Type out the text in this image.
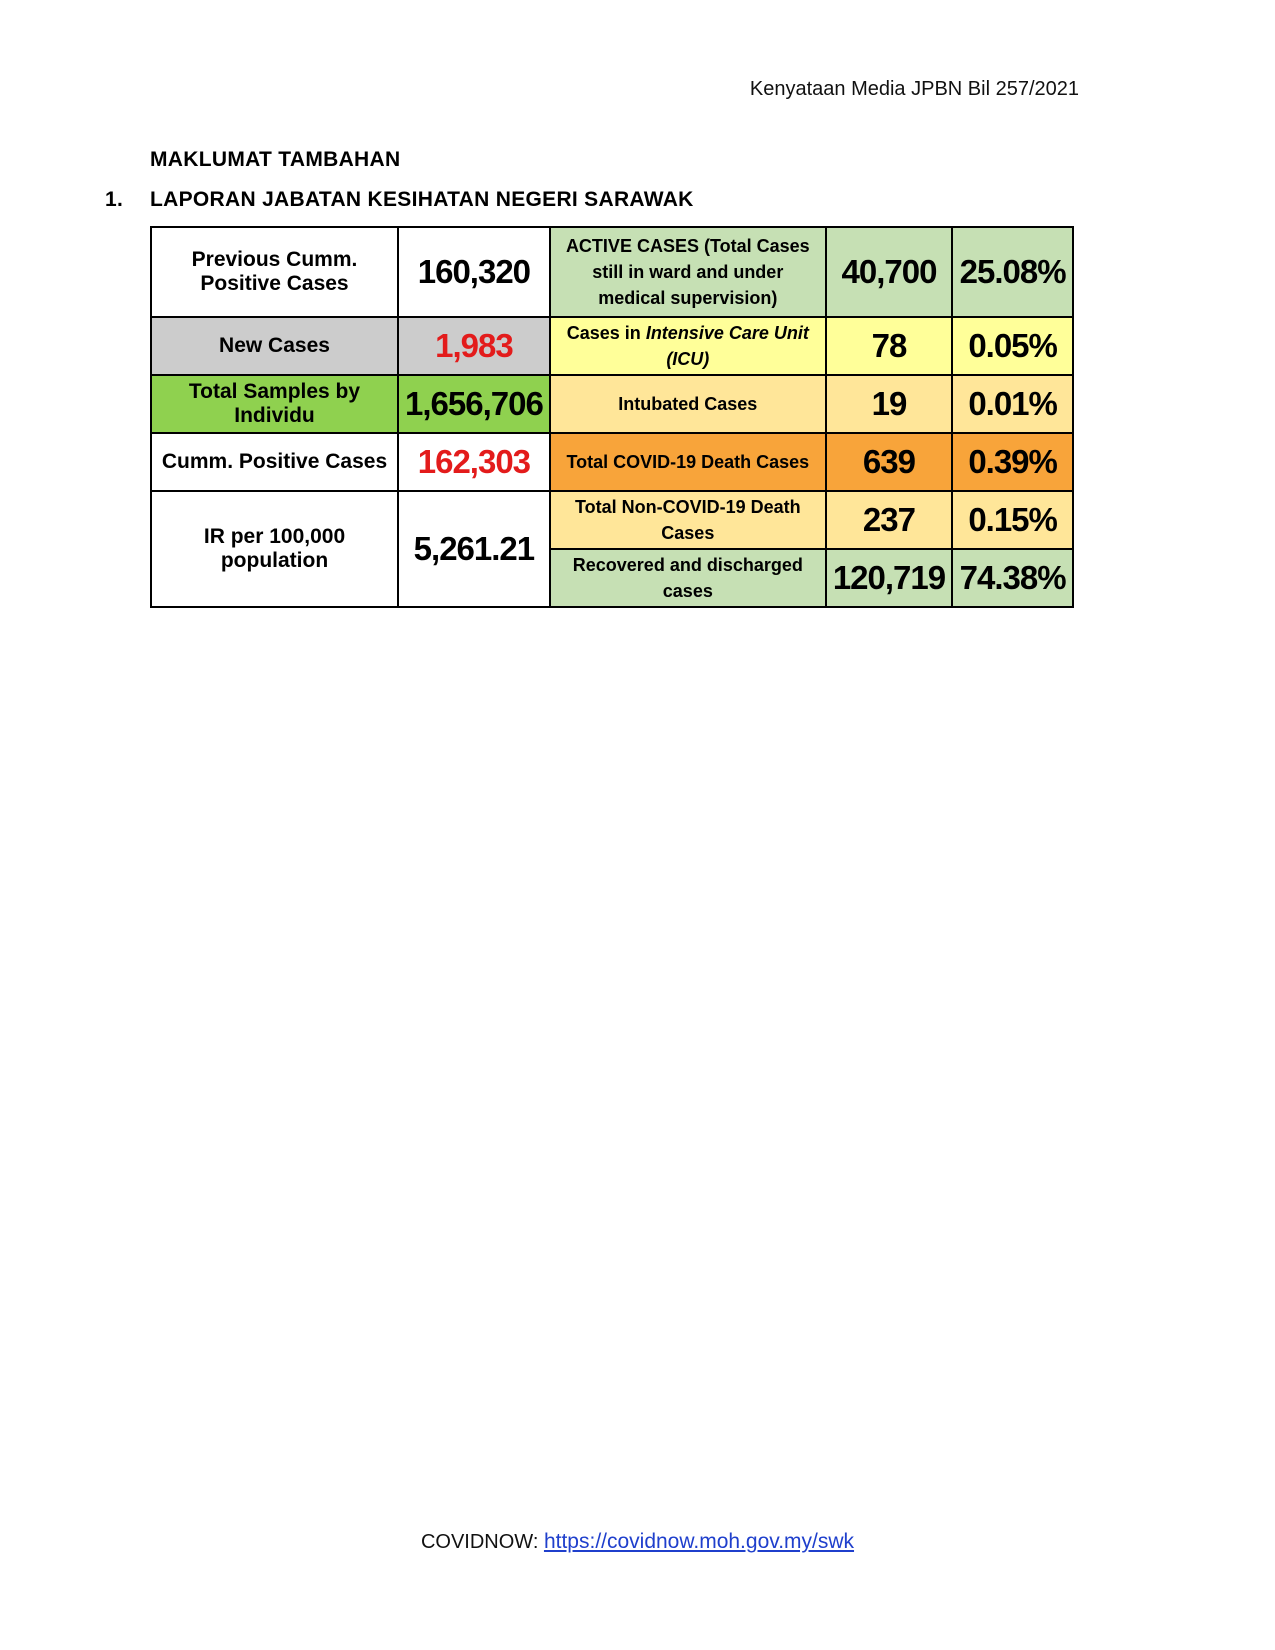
Kenyataan Media JPBN Bil 257/2021
MAKLUMAT TAMBAHAN
1. LAPORAN JABATAN KESIHATAN NEGERI SARAWAK
Previous Cumm. Positive Cases	160,320	ACTIVE CASES (Total Cases still in ward and under medical supervision)	40,700	25.08%
New Cases	1,983	Cases in Intensive Care Unit (ICU)	78	0.05%
Total Samples by Individu	1,656,706	Intubated Cases	19	0.01%
Cumm. Positive Cases	162,303	Total COVID-19 Death Cases	639	0.39%
IR per 100,000 population	5,261.21	Total Non-COVID-19 Death Cases	237	0.15%
		Recovered and discharged cases	120,719	74.38%
COVIDNOW: https://covidnow.moh.gov.my/swk
